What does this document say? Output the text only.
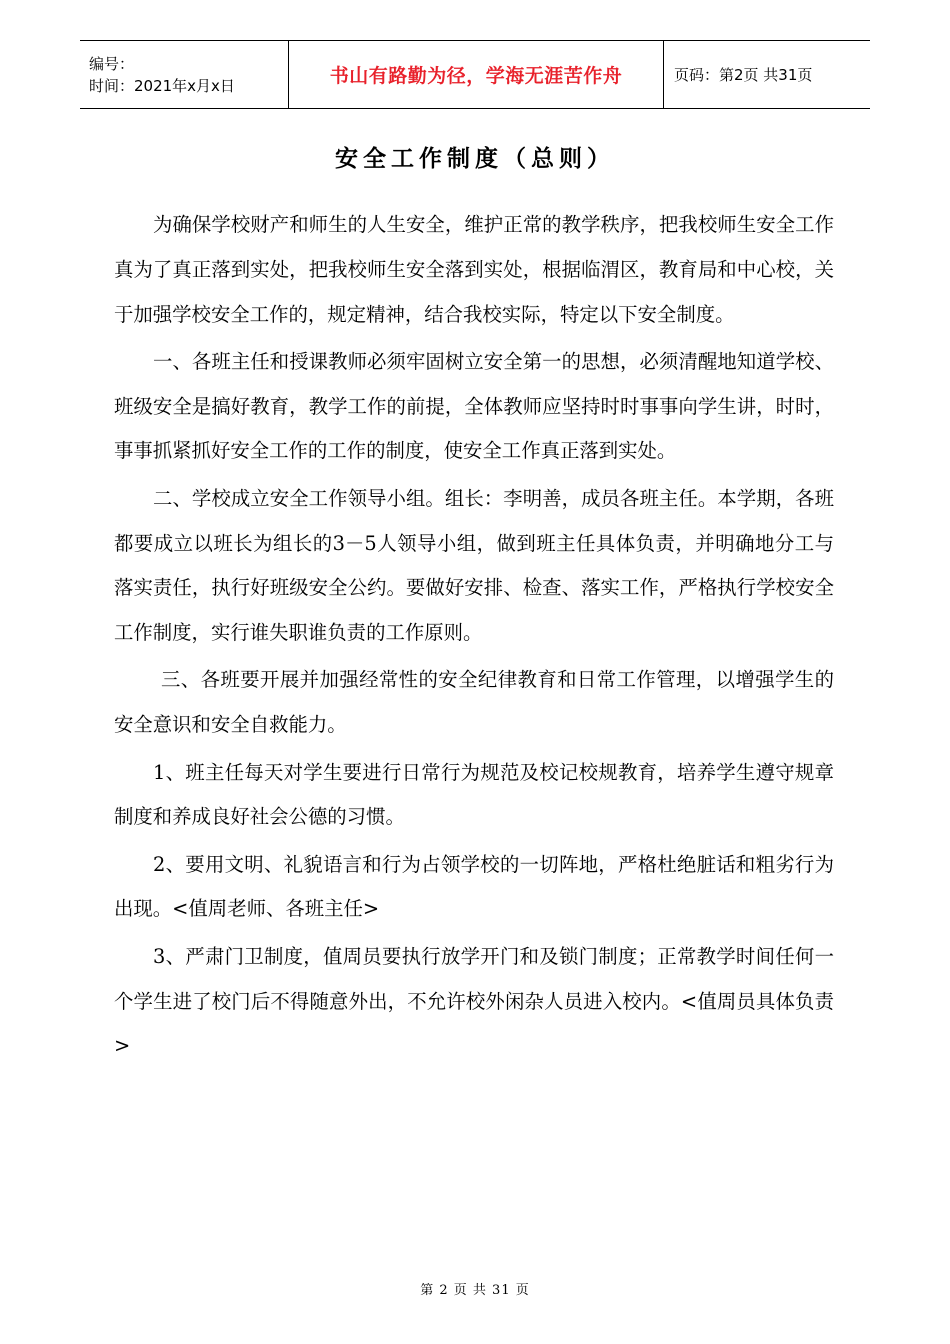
编号：
时间：2021年x月x日	书山有路勤为径，学海无涯苦作舟	页码：第2页 共31页
安全工作制度（总则）

为确保学校财产和师生的人生安全，维护正常的教学秩序，把我校师生安全工作真为了真正落到实处，把我校师生安全落到实处，根据临渭区，教育局和中心校，关于加强学校安全工作的，规定精神，结合我校实际，特定以下安全制度。

一、各班主任和授课教师必须牢固树立安全第一的思想，必须清醒地知道学校、班级安全是搞好教育，教学工作的前提，全体教师应坚持时时事事向学生讲，时时，事事抓紧抓好安全工作的工作的制度，使安全工作真正落到实处。

二、学校成立安全工作领导小组。组长：李明善，成员各班主任。本学期，各班都要成立以班长为组长的3－5人领导小组，做到班主任具体负责，并明确地分工与落实责任，执行好班级安全公约。要做好安排、检查、落实工作，严格执行学校安全工作制度，实行谁失职谁负责的工作原则。

三、各班要开展并加强经常性的安全纪律教育和日常工作管理，以增强学生的安全意识和安全自救能力。

1、班主任每天对学生要进行日常行为规范及校记校规教育，培养学生遵守规章制度和养成良好社会公德的习惯。

2、要用文明、礼貌语言和行为占领学校的一切阵地，严格杜绝脏话和粗劣行为出现。<值周老师、各班主任>

3、严肃门卫制度，值周员要执行放学开门和及锁门制度；正常教学时间任何一个学生进了校门后不得随意外出，不允许校外闲杂人员进入校内。<值周员具体负责>

第 2 页 共 31 页
